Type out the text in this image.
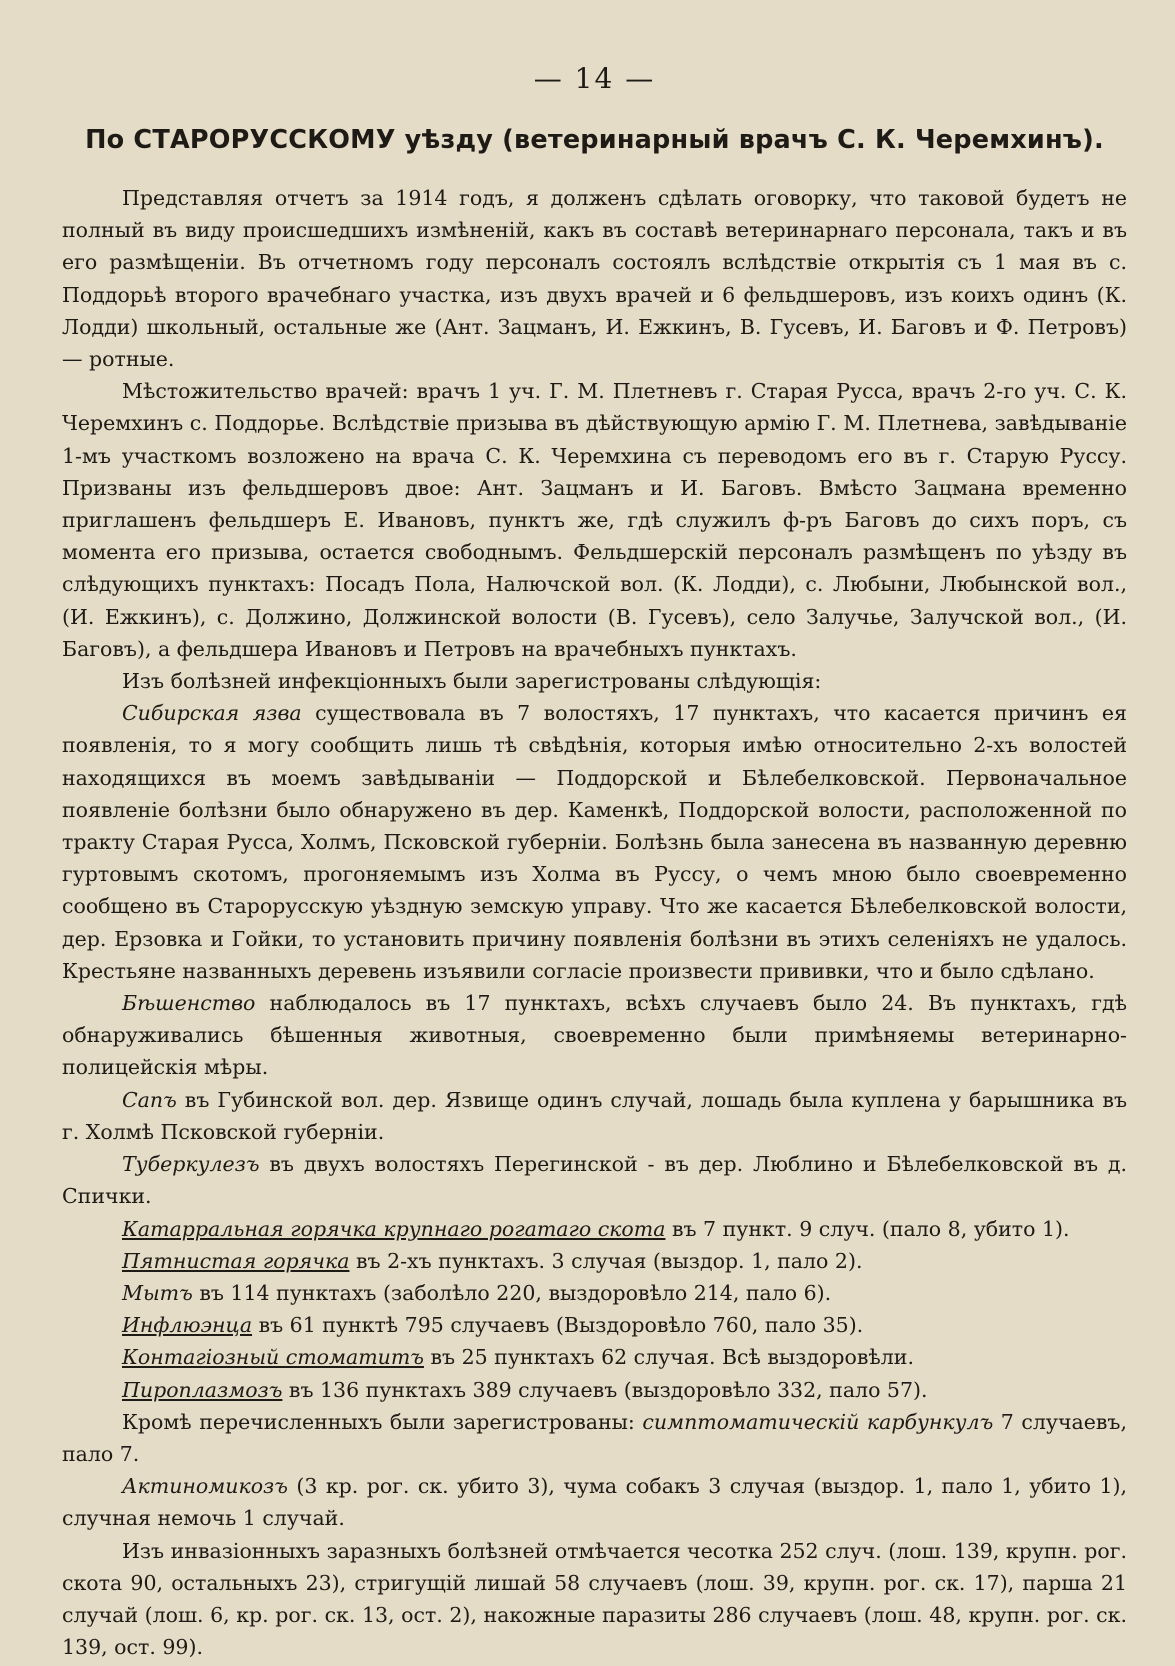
— 14 —
По СТАРОРУССКОМУ уѣзду (ветеринарный врачъ С. К. Черемхинъ).

Представляя отчетъ за 1914 годъ, я долженъ сдѣлать оговорку, что таковой будетъ не полный въ виду происшедшихъ измѣненій, какъ въ составѣ ветеринарнаго персонала, такъ и въ его размѣщеніи. Въ отчетномъ году персоналъ состоялъ вслѣдствіе открытія съ 1 мая въ с. Поддорьѣ второго врачебнаго участка, изъ двухъ врачей и 6 фельдшеровъ, изъ коихъ одинъ (К. Лодди) школьный, остальные же (Ант. Зацманъ, И. Ежкинъ, В. Гусевъ, И. Баговъ и Ф. Петровъ) — ротные.

Мѣстожительство врачей: врачъ 1 уч. Г. М. Плетневъ г. Старая Русса, врачъ 2-го уч. С. К. Черемхинъ с. Поддорье. Вслѣдствіе призыва въ дѣйствующую армію Г. М. Плетнева, завѣдываніе 1-мъ участкомъ возложено на врача С. К. Черемхина съ переводомъ его въ г. Старую Руссу. Призваны изъ фельдшеровъ двое: Ант. Зацманъ и И. Баговъ. Вмѣсто Зацмана временно приглашенъ фельдшеръ Е. Ивановъ, пунктъ же, гдѣ служилъ ф-ръ Баговъ до сихъ поръ, съ момента его призыва, остается свободнымъ. Фельдшерскій персоналъ размѣщенъ по уѣзду въ слѣдующихъ пунктахъ: Посадъ Пола, Налючской вол. (К. Лодди), с. Любыни, Любынской вол., (И. Ежкинъ), с. Должино, Должинской волости (В. Гусевъ), село Залучье, Залучской вол., (И. Баговъ), а фельдшера Ивановъ и Петровъ на врачебныхъ пунктахъ.

Изъ болѣзней инфекціонныхъ были зарегистрованы слѣдующія:

Сибирская язва существовала въ 7 волостяхъ, 17 пунктахъ, что касается причинъ ея появленія, то я могу сообщить лишь тѣ свѣдѣнія, которыя имѣю относительно 2-хъ волостей находящихся въ моемъ завѣдываніи — Поддорской и Бѣлебелковской. Первоначальное появленіе болѣзни было обнаружено въ дер. Каменкѣ, Поддорской волости, расположенной по тракту Старая Русса, Холмъ, Псковской губерніи. Болѣзнь была занесена въ названную деревню гуртовымъ скотомъ, прогоняемымъ изъ Холма въ Руссу, о чемъ мною было своевременно сообщено въ Старорусскую уѣздную земскую управу. Что же касается Бѣлебелковской волости, дер. Ерзовка и Гойки, то установить причину появленія болѣзни въ этихъ селеніяхъ не удалось. Крестьяне названныхъ деревень изъявили согласіе произвести прививки, что и было сдѣлано.

Бѣшенство наблюдалось въ 17 пунктахъ, всѣхъ случаевъ было 24. Въ пунктахъ, гдѣ обнаруживались бѣшенныя животныя, своевременно были примѣняемы ветеринарно-полицейскія мѣры.

Сапъ въ Губинской вол. дер. Язвище одинъ случай, лошадь была куплена у барышника въ г. Холмѣ Псковской губерніи.

Туберкулезъ въ двухъ волостяхъ Перегинской - въ дер. Люблино и Бѣлебелковской въ д. Спички.

Катарральная горячка крупнаго рогатаго скота въ 7 пункт. 9 случ. (пало 8, убито 1).

Пятнистая горячка въ 2-хъ пунктахъ. 3 случая (выздор. 1, пало 2).

Мытъ въ 114 пунктахъ (заболѣло 220, выздоровѣло 214, пало 6).

Инфлюэнца въ 61 пунктѣ 795 случаевъ (Выздоровѣло 760, пало 35).

Контагіозный стоматитъ въ 25 пунктахъ 62 случая. Всѣ выздоровѣли.

Пироплазмозъ въ 136 пунктахъ 389 случаевъ (выздоровѣло 332, пало 57).

Кромѣ перечисленныхъ были зарегистрованы: симптоматическій карбункулъ 7 случаевъ, пало 7.

Актиномикозъ (3 кр. рог. ск. убито 3), чума собакъ 3 случая (выздор. 1, пало 1, убито 1), случная немочь 1 случай.

Изъ инвазіонныхъ заразныхъ болѣзней отмѣчается чесотка 252 случ. (лош. 139, крупн. рог. скота 90, остальныхъ 23), стригущій лишай 58 случаевъ (лош. 39, крупн. рог. ск. 17), парша 21 случай (лош. 6, кр. рог. ск. 13, ост. 2), накожные паразиты 286 случаевъ (лош. 48, крупн. рог. ск. 139, ост. 99).
